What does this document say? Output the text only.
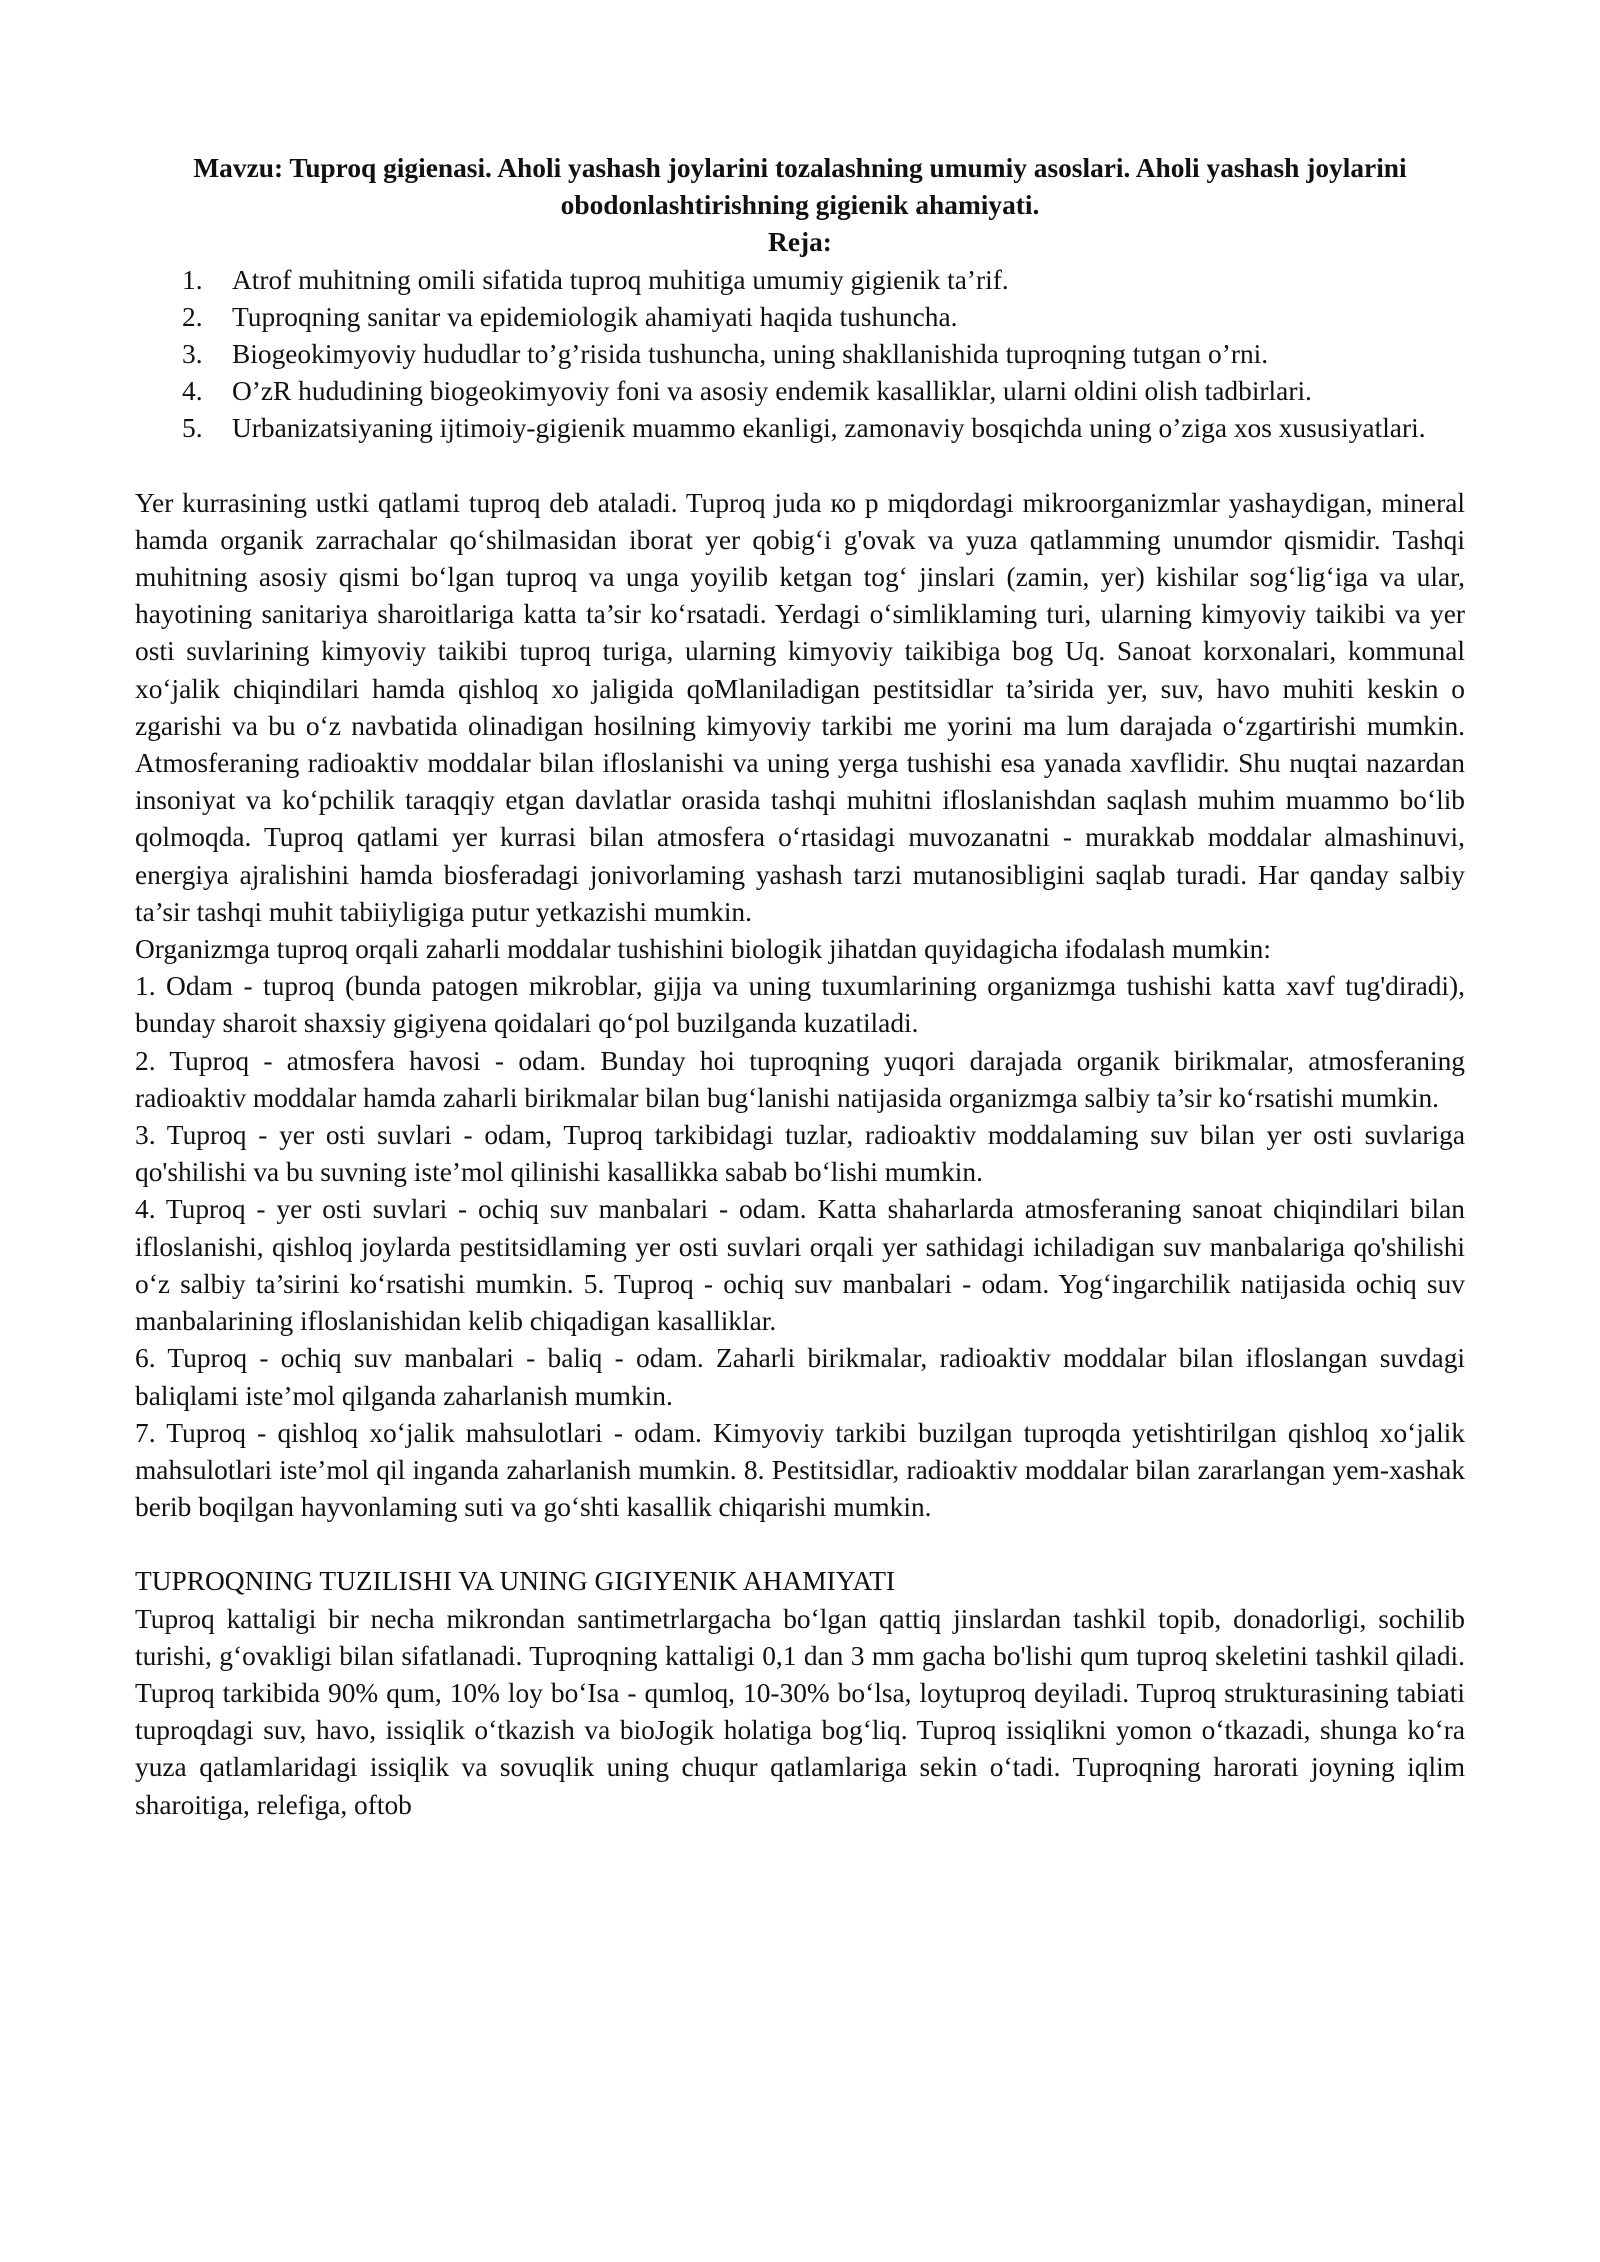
Mavzu: Tuproq gigienasi. Aholi yashash joylarini tozalashning umumiy asoslari. Aholi yashash joylarini obodonlashtirishning gigienik ahamiyati.

Reja:

1. Atrof muhitning omili sifatida tuproq muhitiga umumiy gigienik ta’rif.
2. Tuproqning sanitar va epidemiologik ahamiyati haqida tushuncha.
3. Biogeokimyoviy hududlar to’g’risida tushuncha, uning shakllanishida tuproqning tutgan o’rni.
4. O’zR hududining biogeokimyoviy foni va asosiy endemik kasalliklar, ularni oldini olish tadbirlari.
5. Urbanizatsiyaning ijtimoiy-gigienik muammo ekanligi, zamonaviy bosqichda uning o’ziga xos xususiyatlari.

Yer kurrasining ustki qatlami tuproq deb ataladi. Tuproq juda ко р miqdordagi mikroorganizmlar yashaydigan, mineral hamda organik zarrachalar qo‘shilmasidan iborat yer qobig‘i g'ovak va yuza qatlamming unumdor qismidir. Tashqi muhitning asosiy qismi bo‘lgan tuproq va unga yoyilib ketgan tog‘ jinslari (zamin, yer) kishilar sog‘lig‘iga va ular, hayotining sanitariya sharoitlariga katta ta’sir ko‘rsatadi. Yerdagi o‘simliklaming turi, ularning kimyoviy taikibi va yer osti suvlarining kimyoviy taikibi tuproq turiga, ularning kimyoviy taikibiga bog Uq. Sanoat korxonalari, kommunal xo‘jalik chiqindilari hamda qishloq xo jaligida qoMlaniladigan pestitsidlar ta’sirida yer, suv, havo muhiti keskin o zgarishi va bu o‘z navbatida olinadigan hosilning kimyoviy tarkibi me yorini ma lum darajada o‘zgartirishi mumkin. Atmosferaning radioaktiv moddalar bilan ifloslanishi va uning yerga tushishi esa yanada xavflidir. Shu nuqtai nazardan insoniyat va ko‘pchilik taraqqiy etgan davlatlar orasida tashqi muhitni ifloslanishdan saqlash muhim muammo bo‘lib qolmoqda. Tuproq qatlami yer kurrasi bilan atmosfera o‘rtasidagi muvozanatni - murakkab moddalar almashinuvi, energiya ajralishini hamda biosferadagi jonivorlaming yashash tarzi mutanosibligini saqlab turadi. Har qanday salbiy ta’sir tashqi muhit tabiiyligiga putur yetkazishi mumkin.

Organizmga tuproq orqali zaharli moddalar tushishini biologik jihatdan quyidagicha ifodalash mumkin:

1. Odam - tuproq (bunda patogen mikroblar, gijja va uning tuxumlarining organizmga tushishi katta xavf tug'diradi), bunday sharoit shaxsiy gigiyena qoidalari qo‘pol buzilganda kuzatiladi.

2. Tuproq - atmosfera havosi - odam. Bunday hoi tuproqning yuqori darajada organik birikmalar, atmosferaning radioaktiv moddalar hamda zaharli birikmalar bilan bug‘lanishi natijasida organizmga salbiy ta’sir ko‘rsatishi mumkin.

3. Tuproq - yer osti suvlari - odam, Tuproq tarkibidagi tuzlar, radioaktiv moddalaming suv bilan yer osti suvlariga qo'shilishi va bu suvning iste’mol qilinishi kasallikka sabab bo‘lishi mumkin.

4. Tuproq - yer osti suvlari - ochiq suv manbalari - odam. Katta shaharlarda atmosferaning sanoat chiqindilari bilan ifloslanishi, qishloq joylarda pestitsidlaming yer osti suvlari orqali yer sathidagi ichiladigan suv manbalariga qo'shilishi o‘z salbiy ta’sirini ko‘rsatishi mumkin. 5. Tuproq - ochiq suv manbalari - odam. Yog‘ingarchilik natijasida ochiq suv manbalarining ifloslanishidan kelib chiqadigan kasalliklar.

6. Tuproq - ochiq suv manbalari - baliq - odam. Zaharli birikmalar, radioaktiv moddalar bilan ifloslangan suvdagi baliqlami iste’mol qilganda zaharlanish mumkin.

7. Tuproq - qishloq xo‘jalik mahsulotlari - odam. Kimyoviy tarkibi buzilgan tuproqda yetishtirilgan qishloq xo‘jalik mahsulotlari iste’mol qil inganda zaharlanish mumkin. 8. Pestitsidlar, radioaktiv moddalar bilan zararlangan yem-xashak berib boqilgan hayvonlaming suti va go‘shti kasallik chiqarishi mumkin.

TUPROQNING TUZILISHI VA UNING GIGIYENIK AHAMIYATI

Tuproq kattaligi bir necha mikrondan santimetrlargacha bo‘lgan qattiq jinslardan tashkil topib, donadorligi, sochilib turishi, g‘ovakligi bilan sifatlanadi. Tuproqning kattaligi 0,1 dan 3 mm gacha bo'lishi qum tuproq skeletini tashkil qiladi. Tuproq tarkibida 90% qum, 10% loy bo‘Isa - qumloq, 10-30% bo‘lsa, loytuproq deyiladi. Tuproq strukturasining tabiati tuproqdagi suv, havo, issiqlik o‘tkazish va bioJogik holatiga bog‘liq. Tuproq issiqlikni yomon o‘tkazadi, shunga ko‘ra yuza qatlamlaridagi issiqlik va sovuqlik uning chuqur qatlamlariga sekin o‘tadi. Tuproqning harorati joyning iqlim sharoitiga, relefiga, oftob
